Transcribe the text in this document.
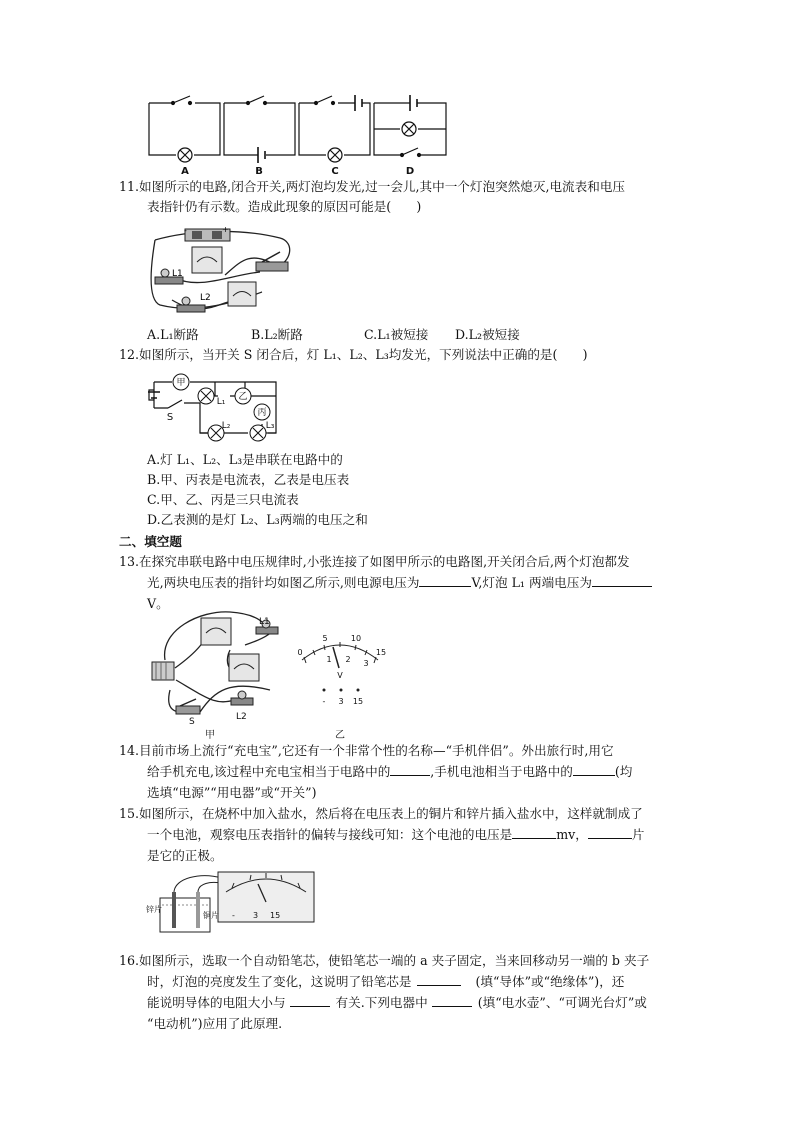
A	B	C	D
11.如图所示的电路,闭合开关,两灯泡均发光,过一会儿,其中一个灯泡突然熄灭,电流表和电压
表指针仍有示数。造成此现象的原因可能是(　　)
-	+
L1
L2
A.L₁断路	B.L₂断路	C.L₁被短接 D.L₂被短接
12.如图所示，当开关 S 闭合后，灯 L₁、L₂、L₃均发光，下列说法中正确的是(　　)
甲
乙
丙
S
L₁
L₂	L₃
A.灯 L₁、L₂、L₃是串联在电路中的
B.甲、丙表是电流表，乙表是电压表
C.甲、乙、丙是三只电流表
D.乙表测的是灯 L₂、L₃两端的电压之和
二、填空题
13.在探究串联电路中电压规律时,小张连接了如图甲所示的电路图,开关闭合后,两个灯泡都发
光,两块电压表的指针均如图乙所示,则电源电压为	V,灯泡 L₁ 两端电压为
V。
L1
L2
S
甲	乙
0
5	10
15
1 2 3
V
- 3 15
14.目前市场上流行“充电宝”,它还有一个非常个性的名称—“手机伴侣”。外出旅行时,用它
给手机充电,该过程中充电宝相当于电路中的	,手机电池相当于电路中的	(均
选填“电源”“用电器”或“开关”)
15.如图所示，在烧杯中加入盐水，然后将在电压表上的铜片和锌片插入盐水中，这样就制成了
一个电池，观察电压表指针的偏转与接线可知：这个电池的电压是	mv，	片
是它的正极。
锌片
铜片 - 3 15
16.如图所示，选取一个自动铅笔芯，使铅笔芯一端的 a 夹子固定，当来回移动另一端的 b 夹子
时，灯泡的亮度发生了变化，这说明了铅笔芯是	(填“导体”或“绝缘体”)，还
能说明导体的电阻大小与	有关.下列电器中	(填“电水壶”、“可调光台灯”或
“电动机”)应用了此原理.
